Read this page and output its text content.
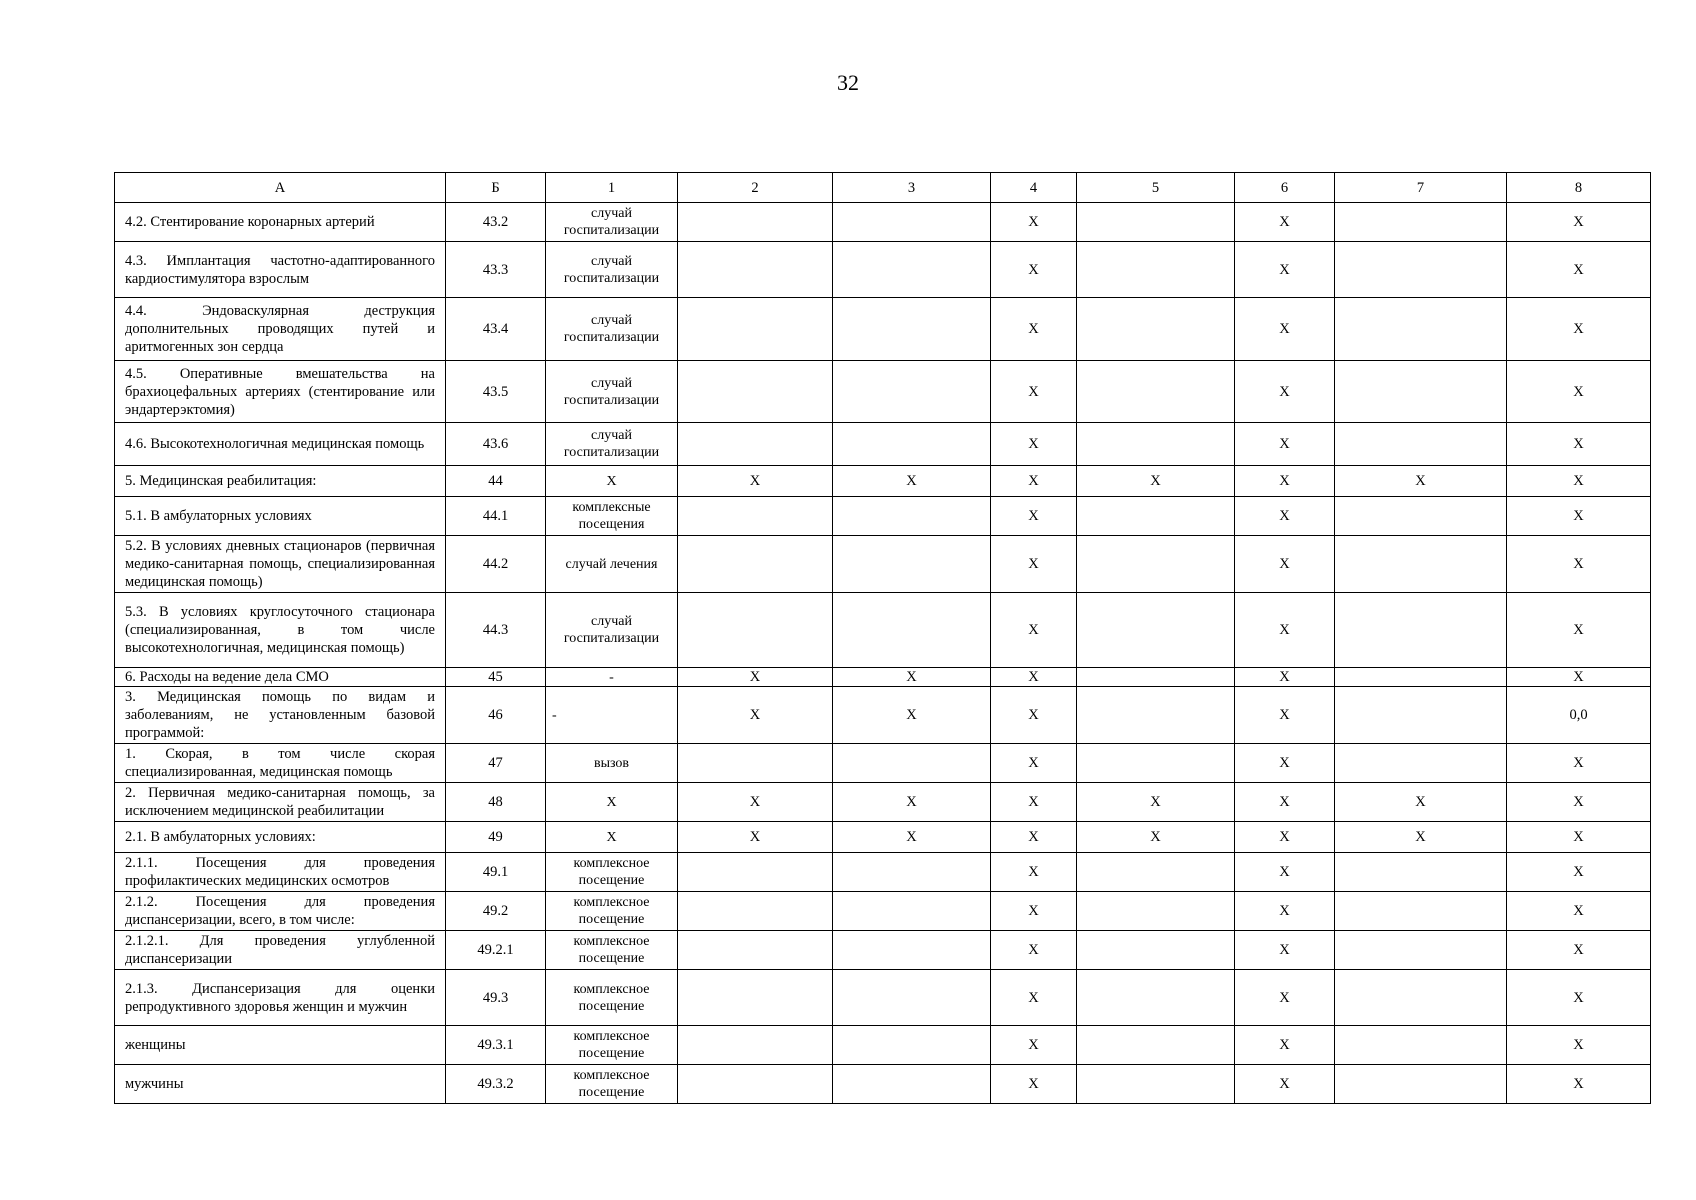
32
А	Б	1	2	3	4	5	6	7	8
4.2. Стентирование коронарных артерий	43.2	случай госпитализации			Х		Х		Х
4.3. Имплантация частотно-адаптированного кардиостимулятора взрослым	43.3	случай госпитализации			Х		Х		Х
4.4. Эндоваскулярная деструкция дополнительных проводящих путей и аритмогенных зон сердца	43.4	случай госпитализации			Х		Х		Х
4.5. Оперативные вмешательства на брахиоцефальных артериях (стентирование или эндартерэктомия)	43.5	случай госпитализации			Х		Х		Х
4.6. Высокотехнологичная медицинская помощь	43.6	случай госпитализации			Х		Х		Х
5. Медицинская реабилитация:	44	Х	Х	Х	Х	Х	Х	Х	Х
5.1. В амбулаторных условиях	44.1	комплексные посещения			Х		Х		Х
5.2. В условиях дневных стационаров (первичная медико-санитарная помощь, специализированная медицинская помощь)	44.2	случай лечения			Х		Х		Х
5.3. В условиях круглосуточного стационара (специализированная, в том числе высокотехнологичная, медицинская помощь)	44.3	случай госпитализации			Х		Х		Х
6. Расходы на ведение дела СМО	45	-	Х	Х	Х		Х		Х
3. Медицинская помощь по видам и заболеваниям, не установленным базовой программой:	46	-	Х	Х	Х		Х		0,0
1. Скорая, в том числе скорая специализированная, медицинская помощь	47	вызов			Х		Х		Х
2. Первичная медико-санитарная помощь, за исключением медицинской реабилитации	48	Х	Х	Х	Х	Х	Х	Х	Х
2.1. В амбулаторных условиях:	49	Х	Х	Х	Х	Х	Х	Х	Х
2.1.1. Посещения для проведения профилактических медицинских осмотров	49.1	комплексное посещение			Х		Х		Х
2.1.2. Посещения для проведения диспансеризации, всего, в том числе:	49.2	комплексное посещение			Х		Х		Х
2.1.2.1. Для проведения углубленной диспансеризации	49.2.1	комплексное посещение			Х		Х		Х
2.1.3. Диспансеризация для оценки репродуктивного здоровья женщин и мужчин	49.3	комплексное посещение			Х		Х		Х
женщины	49.3.1	комплексное посещение			Х		Х		Х
мужчины	49.3.2	комплексное посещение			Х		Х		Х
